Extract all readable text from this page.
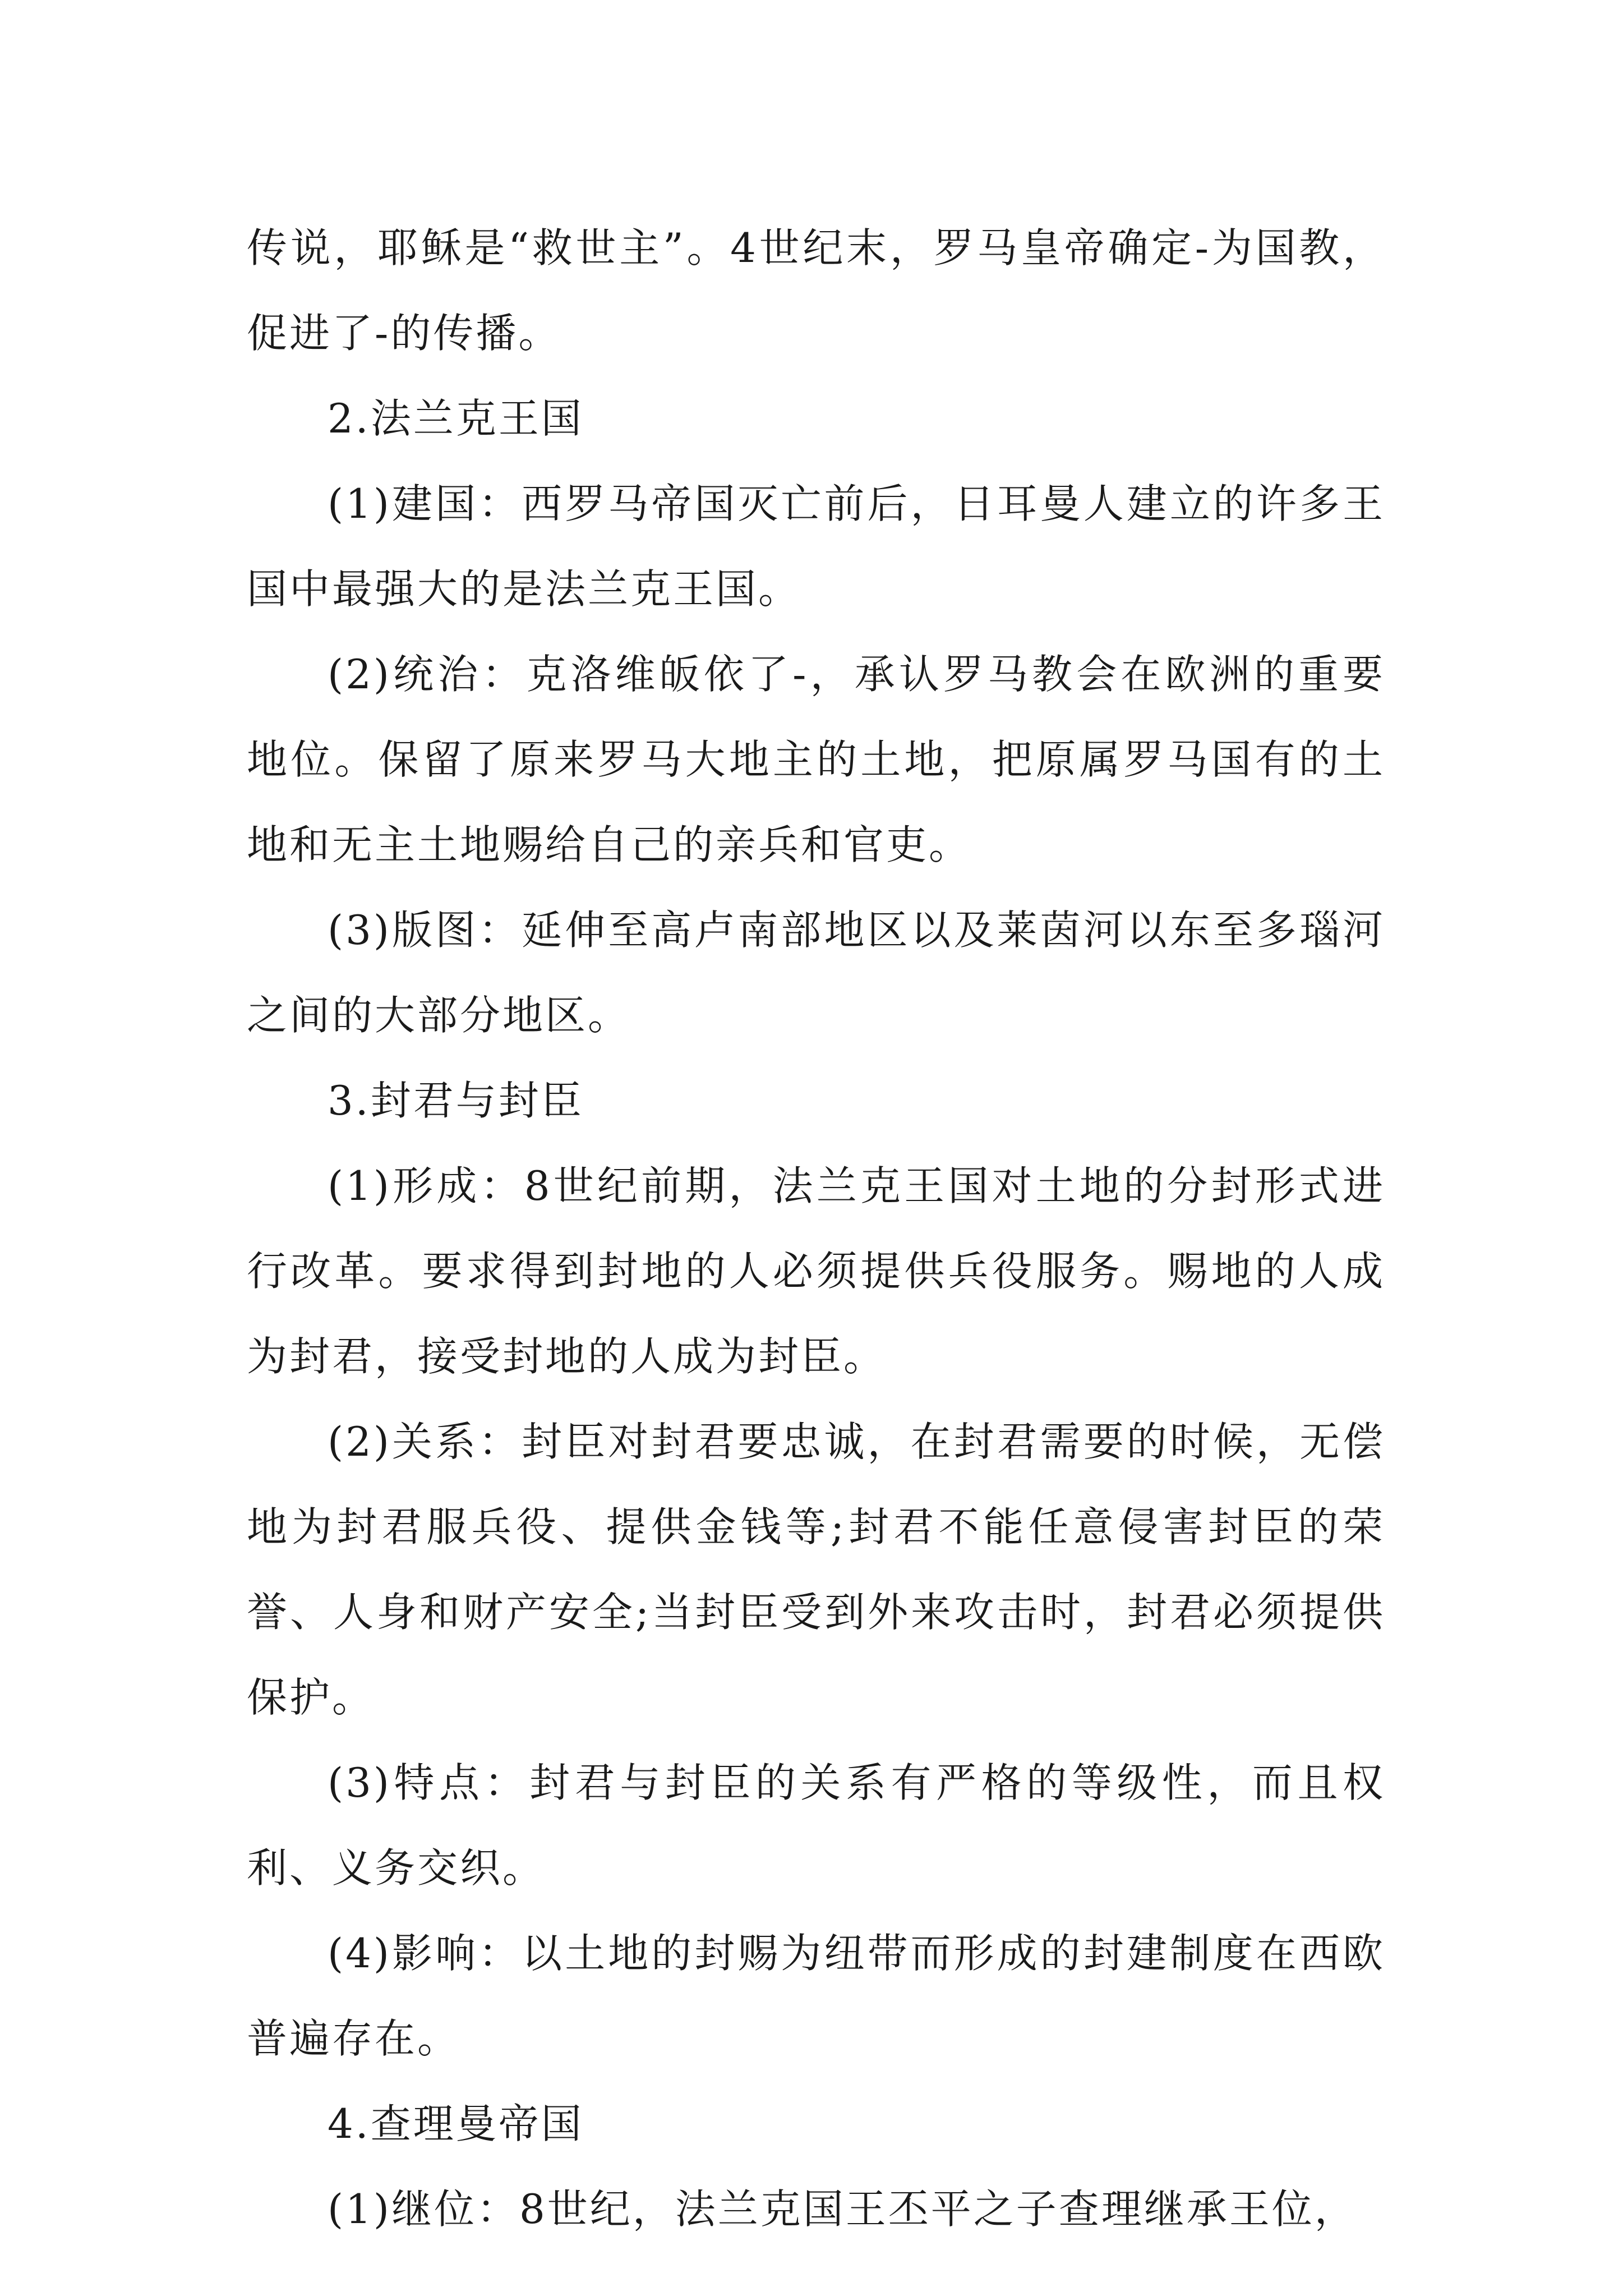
传说，耶稣是“救世主”。4世纪末，罗马皇帝确定-为国教，促进了-的传播。

2.法兰克王国

(1)建国：西罗马帝国灭亡前后，日耳曼人建立的许多王国中最强大的是法兰克王国。

(2)统治：克洛维皈依了-，承认罗马教会在欧洲的重要地位。保留了原来罗马大地主的土地，把原属罗马国有的土地和无主土地赐给自己的亲兵和官吏。

(3)版图：延伸至高卢南部地区以及莱茵河以东至多瑙河之间的大部分地区。

3.封君与封臣

(1)形成：8世纪前期，法兰克王国对土地的分封形式进行改革。要求得到封地的人必须提供兵役服务。赐地的人成为封君，接受封地的人成为封臣。

(2)关系：封臣对封君要忠诚，在封君需要的时候，无偿地为封君服兵役、提供金钱等;封君不能任意侵害封臣的荣誉、人身和财产安全;当封臣受到外来攻击时，封君必须提供保护。

(3)特点：封君与封臣的关系有严格的等级性，而且权利、义务交织。

(4)影响：以土地的封赐为纽带而形成的封建制度在西欧普遍存在。

4.查理曼帝国

(1)继位：8世纪，法兰克国王丕平之子查理继承王位，
